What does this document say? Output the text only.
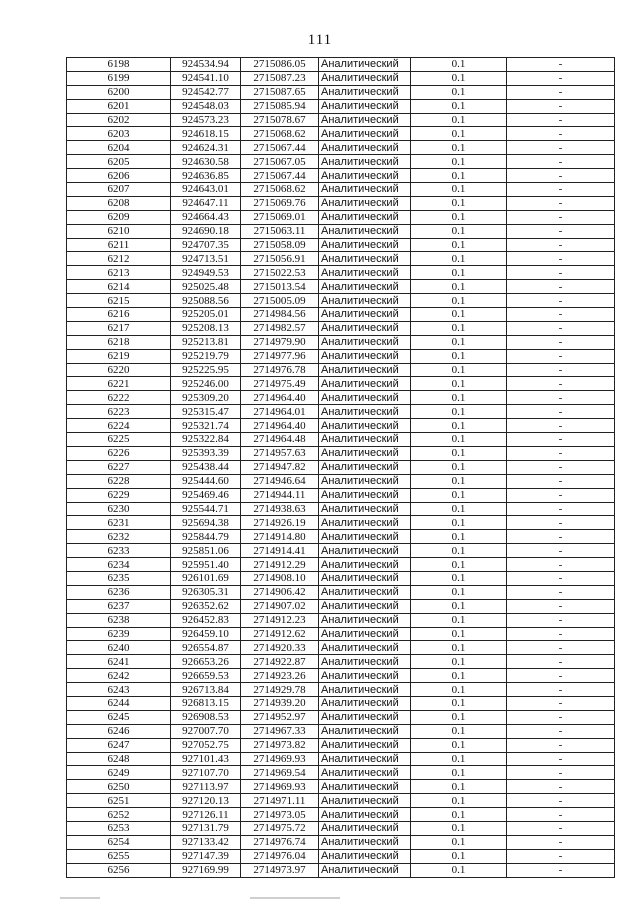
111
6198	924534.94	2715086.05	Аналитический	0.1	-
6199	924541.10	2715087.23	Аналитический	0.1	-
6200	924542.77	2715087.65	Аналитический	0.1	-
6201	924548.03	2715085.94	Аналитический	0.1	-
6202	924573.23	2715078.67	Аналитический	0.1	-
6203	924618.15	2715068.62	Аналитический	0.1	-
6204	924624.31	2715067.44	Аналитический	0.1	-
6205	924630.58	2715067.05	Аналитический	0.1	-
6206	924636.85	2715067.44	Аналитический	0.1	-
6207	924643.01	2715068.62	Аналитический	0.1	-
6208	924647.11	2715069.76	Аналитический	0.1	-
6209	924664.43	2715069.01	Аналитический	0.1	-
6210	924690.18	2715063.11	Аналитический	0.1	-
6211	924707.35	2715058.09	Аналитический	0.1	-
6212	924713.51	2715056.91	Аналитический	0.1	-
6213	924949.53	2715022.53	Аналитический	0.1	-
6214	925025.48	2715013.54	Аналитический	0.1	-
6215	925088.56	2715005.09	Аналитический	0.1	-
6216	925205.01	2714984.56	Аналитический	0.1	-
6217	925208.13	2714982.57	Аналитический	0.1	-
6218	925213.81	2714979.90	Аналитический	0.1	-
6219	925219.79	2714977.96	Аналитический	0.1	-
6220	925225.95	2714976.78	Аналитический	0.1	-
6221	925246.00	2714975.49	Аналитический	0.1	-
6222	925309.20	2714964.40	Аналитический	0.1	-
6223	925315.47	2714964.01	Аналитический	0.1	-
6224	925321.74	2714964.40	Аналитический	0.1	-
6225	925322.84	2714964.48	Аналитический	0.1	-
6226	925393.39	2714957.63	Аналитический	0.1	-
6227	925438.44	2714947.82	Аналитический	0.1	-
6228	925444.60	2714946.64	Аналитический	0.1	-
6229	925469.46	2714944.11	Аналитический	0.1	-
6230	925544.71	2714938.63	Аналитический	0.1	-
6231	925694.38	2714926.19	Аналитический	0.1	-
6232	925844.79	2714914.80	Аналитический	0.1	-
6233	925851.06	2714914.41	Аналитический	0.1	-
6234	925951.40	2714912.29	Аналитический	0.1	-
6235	926101.69	2714908.10	Аналитический	0.1	-
6236	926305.31	2714906.42	Аналитический	0.1	-
6237	926352.62	2714907.02	Аналитический	0.1	-
6238	926452.83	2714912.23	Аналитический	0.1	-
6239	926459.10	2714912.62	Аналитический	0.1	-
6240	926554.87	2714920.33	Аналитический	0.1	-
6241	926653.26	2714922.87	Аналитический	0.1	-
6242	926659.53	2714923.26	Аналитический	0.1	-
6243	926713.84	2714929.78	Аналитический	0.1	-
6244	926813.15	2714939.20	Аналитический	0.1	-
6245	926908.53	2714952.97	Аналитический	0.1	-
6246	927007.70	2714967.33	Аналитический	0.1	-
6247	927052.75	2714973.82	Аналитический	0.1	-
6248	927101.43	2714969.93	Аналитический	0.1	-
6249	927107.70	2714969.54	Аналитический	0.1	-
6250	927113.97	2714969.93	Аналитический	0.1	-
6251	927120.13	2714971.11	Аналитический	0.1	-
6252	927126.11	2714973.05	Аналитический	0.1	-
6253	927131.79	2714975.72	Аналитический	0.1	-
6254	927133.42	2714976.74	Аналитический	0.1	-
6255	927147.39	2714976.04	Аналитический	0.1	-
6256	927169.99	2714973.97	Аналитический	0.1	-
